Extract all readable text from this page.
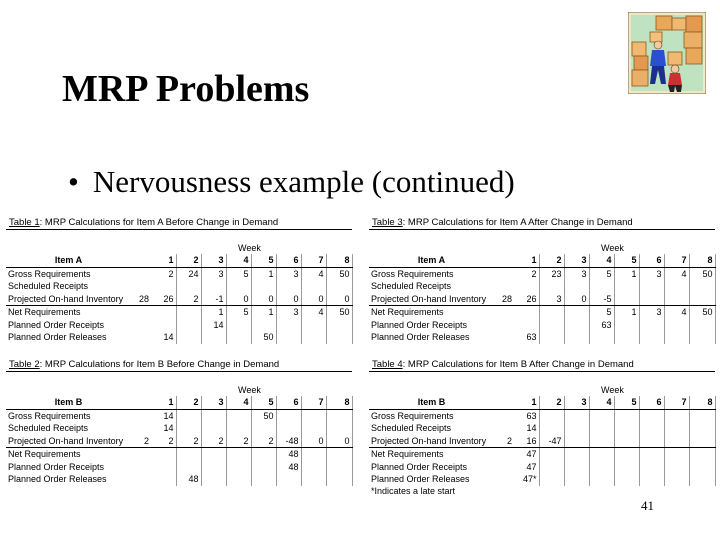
MRP Problems
• Nervousness example (continued)
Table 1: MRP Calculations for Item A Before Change in Demand
Week
Item A		1	2	3	4	5	6	7	8
Gross Requirements		2	24	3	5	1	3	4	50
Scheduled Receipts									
Projected On-hand Inventory	28	26	2	-1	0	0	0	0	0
Net Requirements				1	5	1	3	4	50
Planned Order Receipts				14					
Planned Order Releases		14				50			
Table 2: MRP Calculations for Item B Before Change in Demand
Week
Item B		1	2	3	4	5	6	7	8
Gross Requirements		14				50			
Scheduled Receipts		14							
Projected On-hand Inventory	2	2	2	2	2	2	-48	0	0
Net Requirements							48		
Planned Order Receipts							48		
Planned Order Releases			48						
Table 3: MRP Calculations for Item A After Change in Demand
Week
Item A		1	2	3	4	5	6	7	8
Gross Requirements		2	23	3	5	1	3	4	50
Scheduled Receipts									
Projected On-hand Inventory	28	26	3	0	-5				
Net Requirements					5	1	3	4	50
Planned Order Receipts					63				
Planned Order Releases		63							
Table 4: MRP Calculations for Item B After Change in Demand
Week
Item B		1	2	3	4	5	6	7	8
Gross Requirements		63							
Scheduled Receipts		14							
Projected On-hand Inventory	2	16	-47						
Net Requirements		47							
Planned Order Receipts		47							
Planned Order Releases		47*							
*Indicates a late start
41
